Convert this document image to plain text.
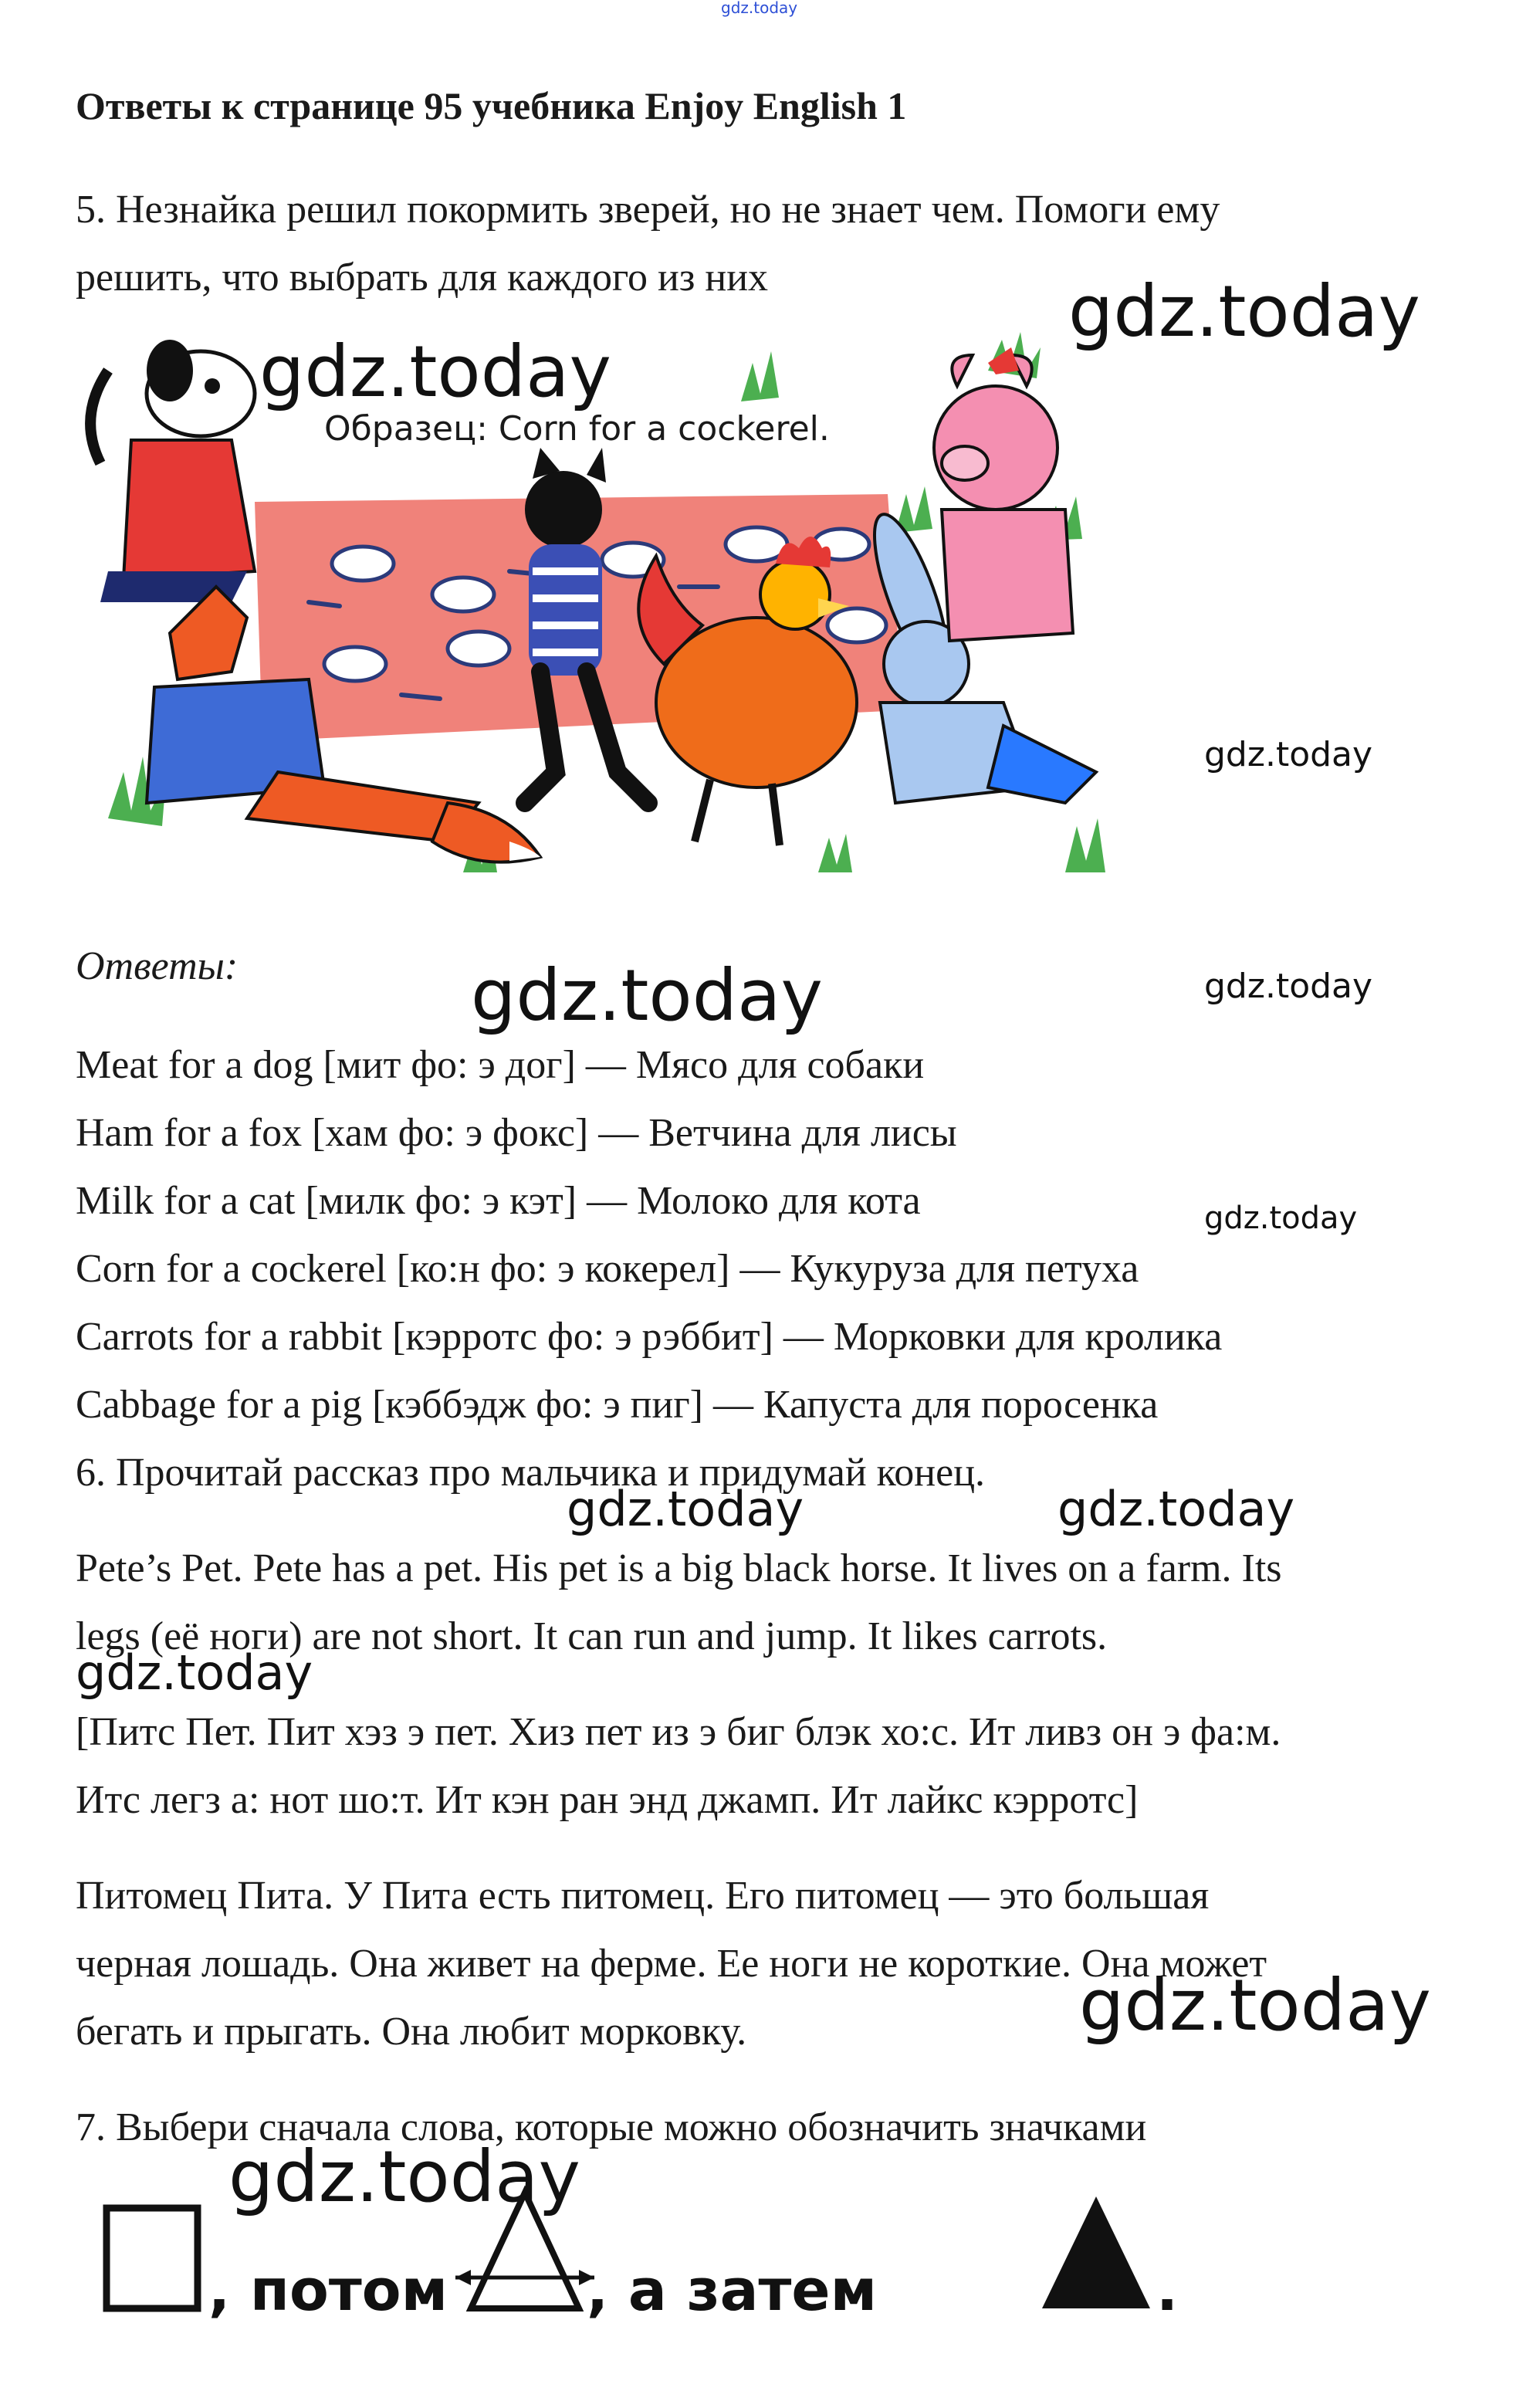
gdz.today
Ответы к странице 95 учебника Enjoy English 1
5. Незнайка решил покормить зверей, но не знает чем. Помоги ему
решить, что выбрать для каждого из них
Образец: Corn for a cockerel.
Ответы:
Meat for a dog [мит фо: э дог] — Мясо для собаки
Ham for a fox [хам фо: э фокс] — Ветчина для лисы
Milk for a cat [милк фо: э кэт] — Молоко для кота
Corn for a cockerel [ко:н фо: э кокерел] — Кукуруза для петуха
Carrots for a rabbit [кэрротс фо: э рэббит] — Морковки для кролика
Cabbage for a pig [кэббэдж фо: э пиг] — Капуста для поросенка
6. Прочитай рассказ про мальчика и придумай конец.
Pete’s Pet. Pete has a pet. His pet is a big black horse. It lives on a farm. Its
legs (её ноги) are not short. It can run and jump. It likes carrots.
[Питс Пет. Пит хэз э пет. Хиз пет из э биг блэк хо:с. Ит ливз он э фа:м.
Итс легз а: нот шо:т. Ит кэн ран энд джамп. Ит лайкс кэрротс]
Питомец Пита. У Пита есть питомец. Его питомец — это большая
черная лошадь. Она живет на ферме. Ее ноги не короткие. Она может
бегать и прыгать. Она любит морковку.
7. Выбери сначала слова, которые можно обозначить значками
, потом , а затем	.
gdz.today
gdz.today
gdz.today
gdz.today	gdz.today
gdz.today
gdz.today	gdz.today
gdz.today
gdz.today
gdz.today
